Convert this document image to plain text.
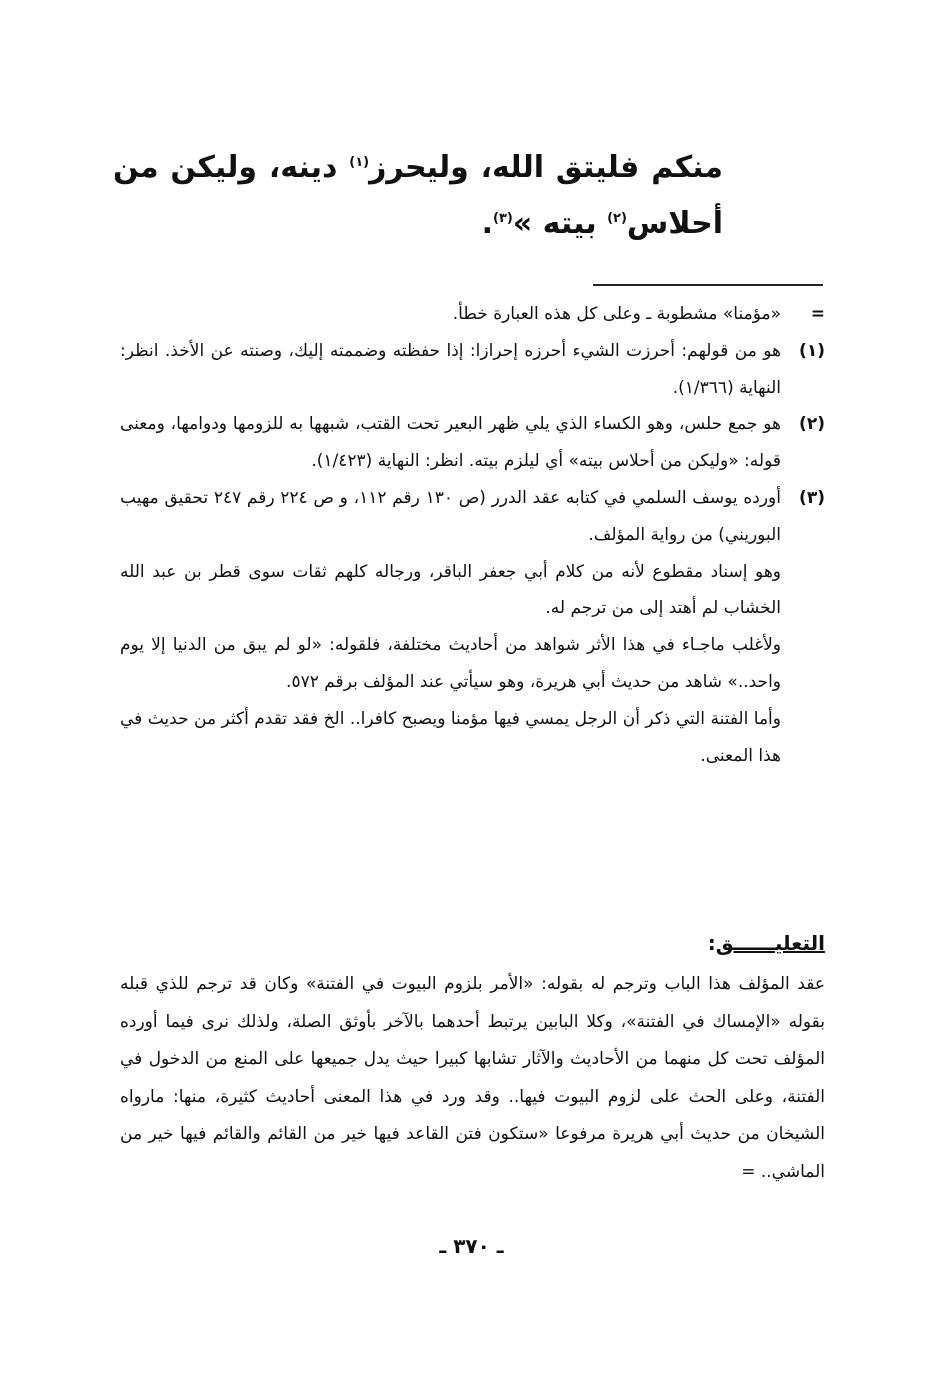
منكم فليتق الله، وليحرز$^{(١)}$ دينه، وليكن من أحلاس$^{(٢)}$ بيته »$^{(٣)}$.

=

«مؤمنا» مشطوبة ـ وعلى كل هذه العبارة خطأ.

(١)

هو من قولهم: أحرزت الشيء أحرزه إحرازا: إذا حفظته وضممته إليك، وصنته عن الأخذ. انظر: النهاية (١/٣٦٦).

(٢)

هو جمع حلس، وهو الكساء الذي يلي ظهر البعير تحت القتب، شبهها به للزومها ودوامها، ومعنى قوله: «وليكن من أحلاس بيته» أي ليلزم بيته. انظر: النهاية (١/٤٢٣).

(٣)

أورده يوسف السلمي في كتابه عقد الدرر (ص ١٣٠ رقم ١١٢، و ص ٢٢٤ رقم ٢٤٧ تحقيق مهيب البوريني) من رواية المؤلف.

وهو إسناد مقطوع لأنه من كلام أبي جعفر الباقر، ورجاله كلهم ثقات سوى قطر بن عبد الله الخشاب لم أهتد إلى من ترجم له.

ولأغلب ماجـاء في هذا الأثر شواهد من أحاديث مختلفة، فلقوله: «لو لم يبق من الدنيا إلا يوم واحد..» شاهد من حديث أبي هريرة، وهو سيأتي عند المؤلف برقم ٥٧٢.

وأما الفتنة التي ذكر أن الرجل يمسي فيها مؤمنا ويصبح كافرا.. الخ فقد تقدم أكثر من حديث في هذا المعنى.

التعليــــــق:

عقد المؤلف هذا الباب وترجم له بقوله: «الأمر بلزوم البيوت في الفتنة» وكان قد ترجم للذي قبله بقوله «الإمساك في الفتنة»، وكلا البابين يرتبط أحدهما بالآخر بأوثق الصلة، ولذلك نرى فيما أورده المؤلف تحت كل منهما من الأحاديث والآثار تشابها كبيرا حيث يدل جميعها على المنع من الدخول في الفتنة، وعلى الحث على لزوم البيوت فيها.. وقد ورد في هذا المعنى أحاديث كثيرة، منها: مارواه الشيخان من حديث أبي هريرة مرفوعا «ستكون فتن القاعد فيها خير من القائم والقائم فيها خير من الماشي.. =

ـ ٣٧٠ ـ
